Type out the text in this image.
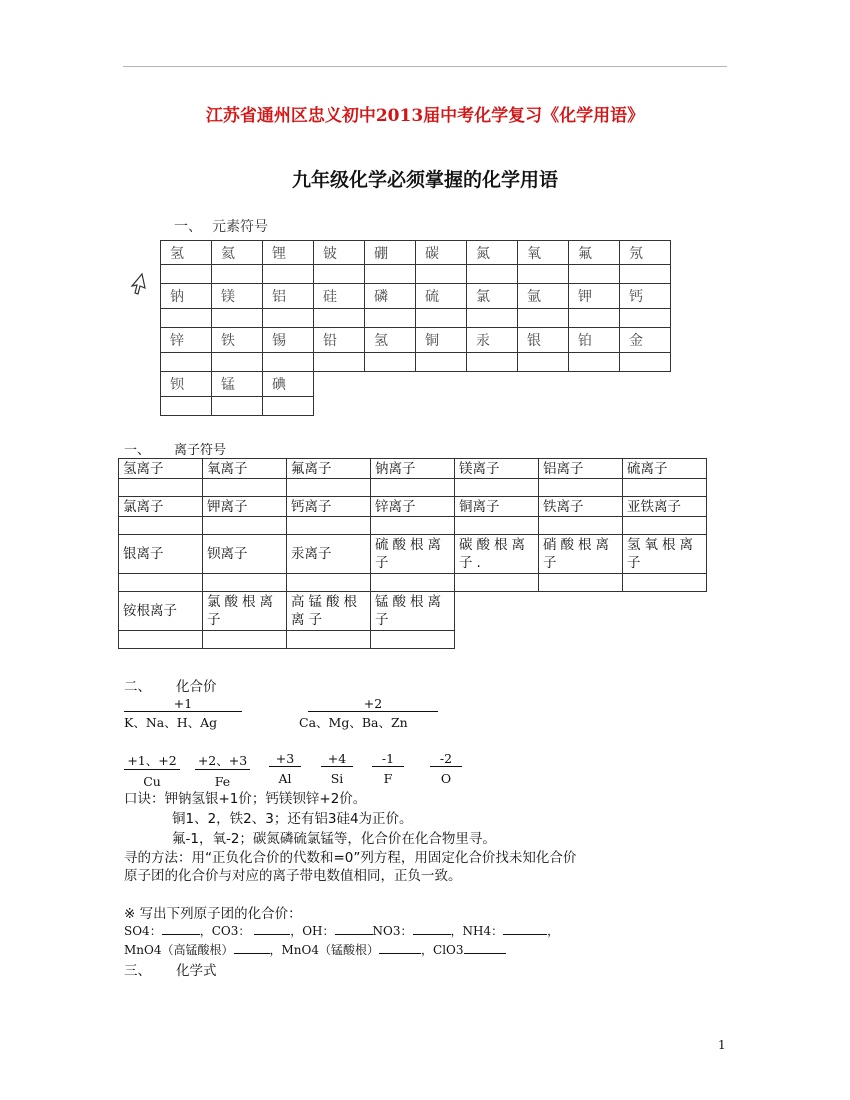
江苏省通州区忠义初中2013届中考化学复习《化学用语》
九年级化学必须掌握的化学用语
一、 元素符号
氢	氦	锂	铍	硼	碳	氮	氧	氟	氖

钠	镁	铝	硅	磷	硫	氯	氩	钾	钙

锌	铁	锡	铅	氢	铜	汞	银	铂	金

钡	锰	碘							

一、 离子符号
氢离子	氧离子	氟离子	钠离子	镁离子	铝离子	硫离子

氯离子	钾离子	钙离子	锌离子	铜离子	铁离子	亚铁离子

银离子	钡离子	汞离子	硫酸根离子	碳酸根离子.	硝酸根离子	氢氧根离子

铵根离子	氯酸根离子	高锰酸根离子	锰酸根离子			

二、 化合价
+1
K、Na、H、Ag
+2
Ca、Mg、Ba、Zn
+1、+2
Cu
+2、+3
Fe
+3
Al
+4
Si
-1
F
-2
O
口诀：钾钠氢银+1价；钙镁钡锌+2价。
铜1、2，铁2、3；还有铝3硅4为正价。
氟-1，氧-2；碳氮磷硫氯锰等，化合价在化合物里寻。
寻的方法：用“正负化合价的代数和=0”列方程，用固定化合价找未知化合价
原子团的化合价与对应的离子带电数值相同，正负一致。
※ 写出下列原子团的化合价：
SO4：	，CO3：	，OH：	NO3：	，NH4：	，
MnO4（高锰酸根）	，MnO4（锰酸根）	，ClO3
三、 化学式
1
